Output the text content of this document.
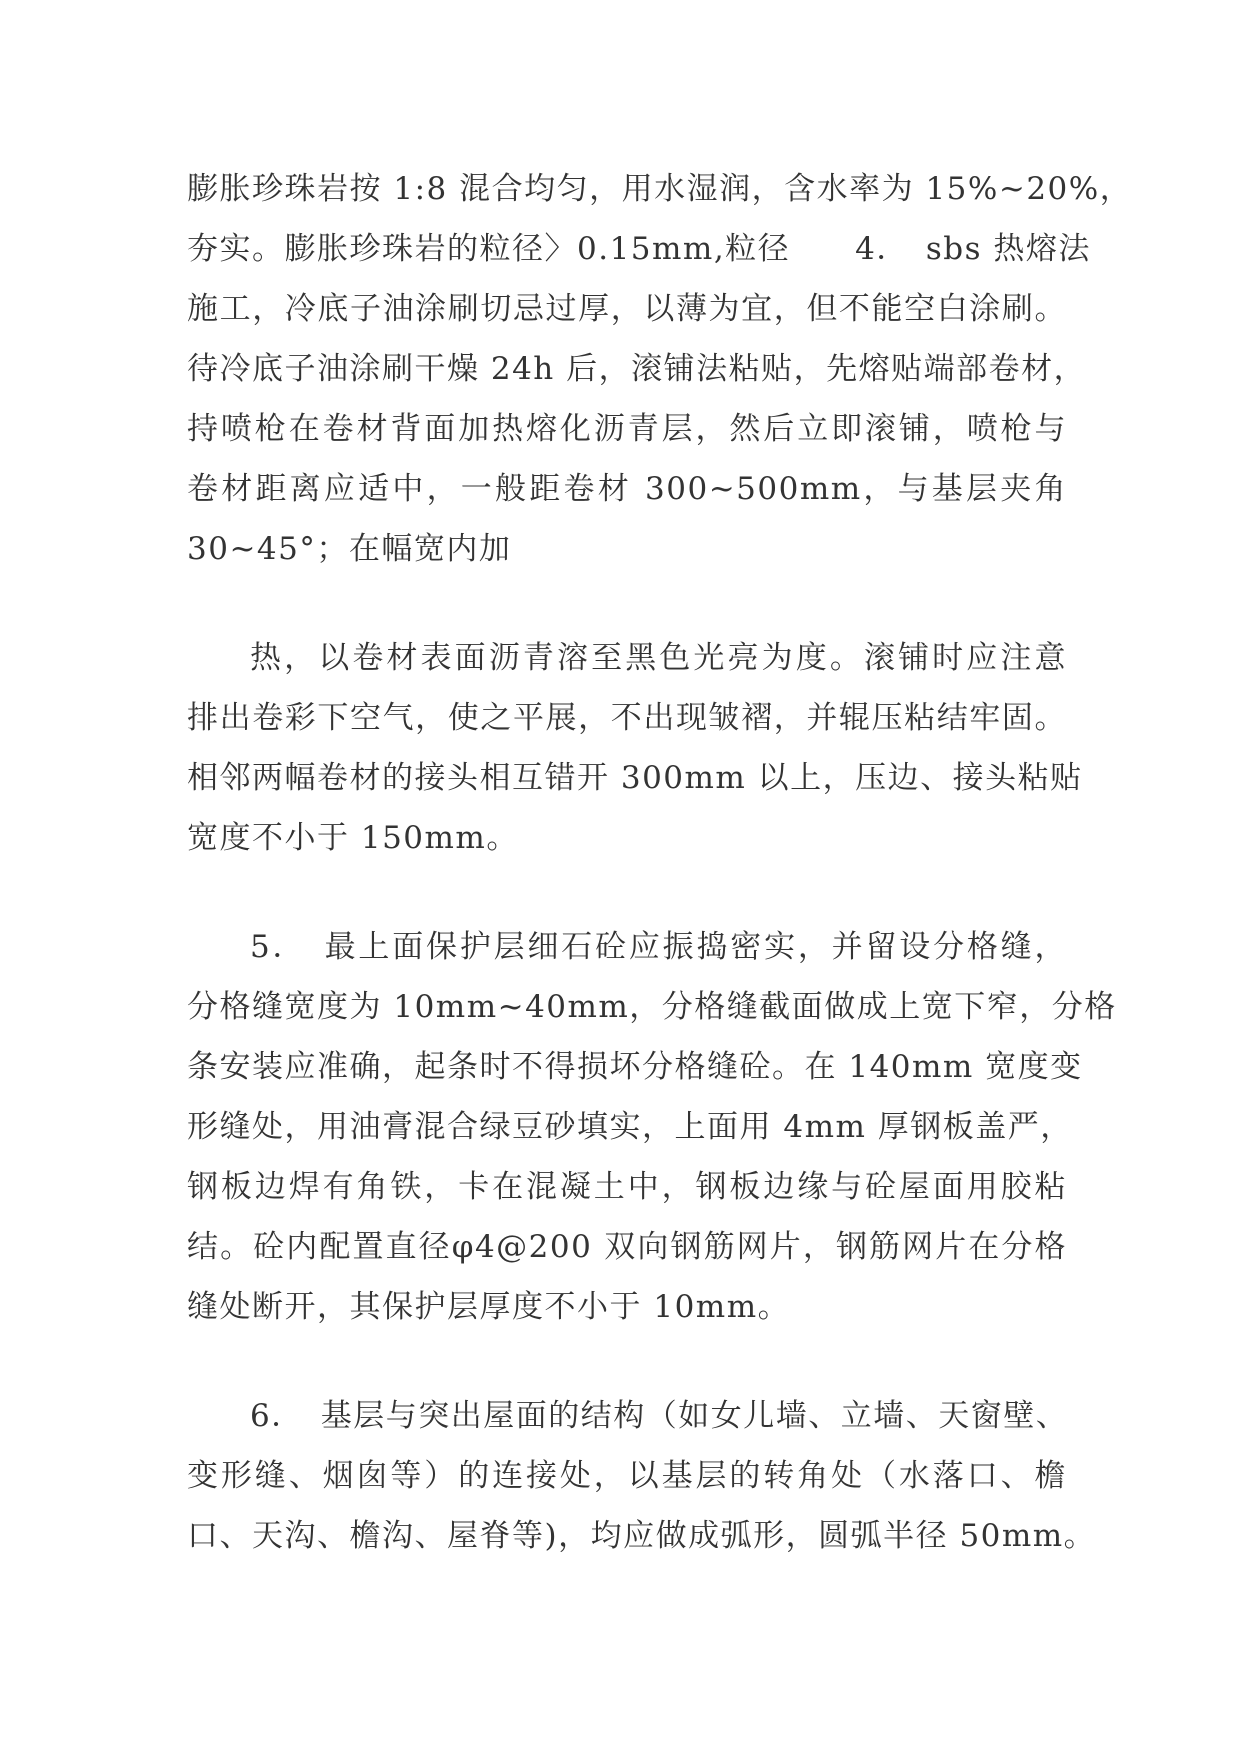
膨胀珍珠岩按 1:8 混合均匀，用水湿润，含水率为 15%~20%，
夯实。膨胀珍珠岩的粒径〉0.15mm,粒径　　4．　sbs 热熔法
施工，冷底子油涂刷切忌过厚，以薄为宜，但不能空白涂刷。
待冷底子油涂刷干燥 24h 后，滚铺法粘贴，先熔贴端部卷材，
持喷枪在卷材背面加热熔化沥青层，然后立即滚铺，喷枪与
卷材距离应适中，一般距卷材 300~500mm，与基层夹角
30~45°；在幅宽内加
热，以卷材表面沥青溶至黑色光亮为度。滚铺时应注意
排出卷彩下空气，使之平展，不出现皱褶，并辊压粘结牢固。
相邻两幅卷材的接头相互错开 300mm 以上，压边、接头粘贴
宽度不小于 150mm。
5．　最上面保护层细石砼应振捣密实，并留设分格缝，
分格缝宽度为 10mm~40mm，分格缝截面做成上宽下窄，分格
条安装应准确，起条时不得损坏分格缝砼。在 140mm 宽度变
形缝处，用油膏混合绿豆砂填实，上面用 4mm 厚钢板盖严，
钢板边焊有角铁，卡在混凝土中，钢板边缘与砼屋面用胶粘
结。砼内配置直径φ4@200 双向钢筋网片，钢筋网片在分格
缝处断开，其保护层厚度不小于 10mm。
6．　基层与突出屋面的结构（如女儿墙、立墙、天窗壁、
变形缝、烟囱等）的连接处，以基层的转角处（水落口、檐
口、天沟、檐沟、屋脊等)，均应做成弧形，圆弧半径 50mm。
